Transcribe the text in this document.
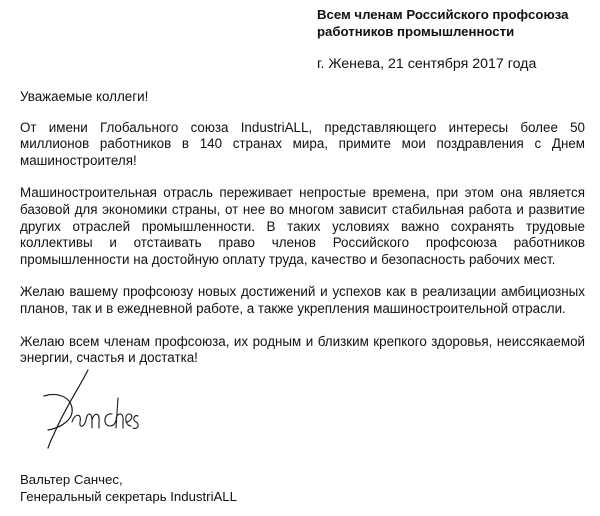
Всем членам Российского профсоюза
работников промышленности
г. Женева, 21 сентября 2017 года

Уважаемые коллеги!

От имени Глобального союза IndustriALL, представляющего интересы более 50 миллионов работников в 140 странах мира, примите мои поздравления с Днем машиностроителя!

Машиностроительная отрасль переживает непростые времена, при этом она является базовой для экономики страны, от нее во многом зависит стабильная работа и развитие других отраслей промышленности. В таких условиях важно сохранять трудовые коллективы и отстаивать право членов Российского профсоюза работников промышленности на достойную оплату труда, качество и безопасность рабочих мест.

Желаю вашему профсоюзу новых достижений и успехов как в реализации амбициозных планов, так и в ежедневной работе, а также укрепления машиностроительной отрасли.

Желаю всем членам профсоюза, их родным и близким крепкого здоровья, неиссякаемой энергии, счастья и достатка!

Вальтер Санчес,
Генеральный секретарь IndustriALL
